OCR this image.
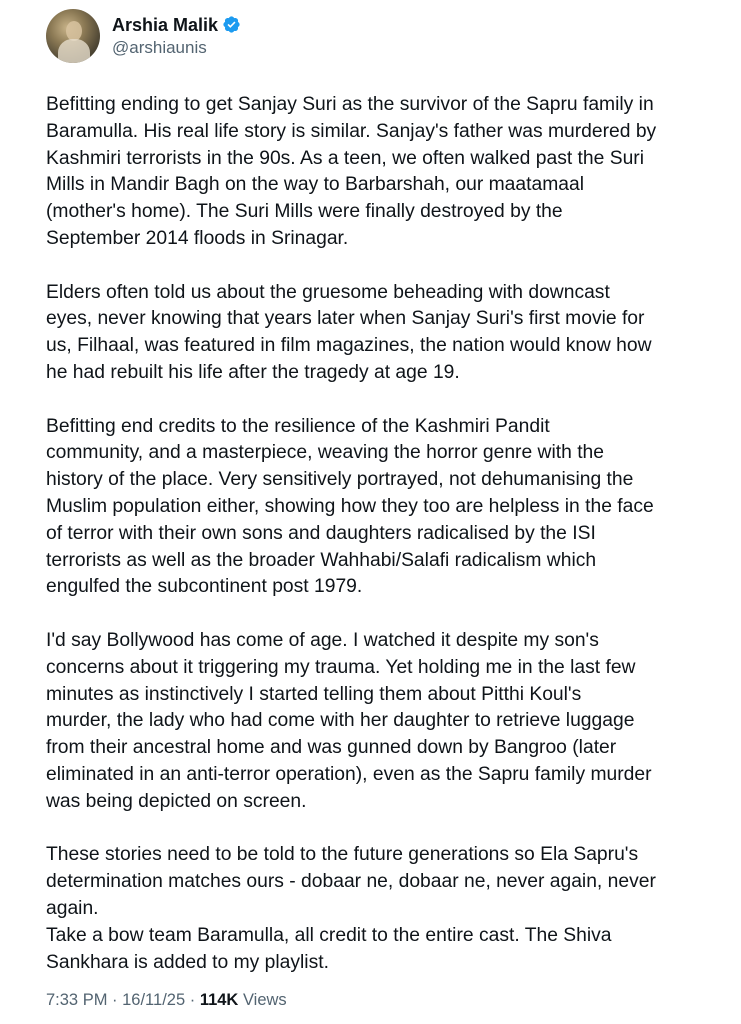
Arshia Malik
@arshiaunis

Befitting ending to get Sanjay Suri as the survivor of the Sapru family in
Baramulla. His real life story is similar. Sanjay's father was murdered by
Kashmiri terrorists in the 90s. As a teen, we often walked past the Suri
Mills in Mandir Bagh on the way to Barbarshah, our maatamaal
(mother's home). The Suri Mills were finally destroyed by the
September 2014 floods in Srinagar.

Elders often told us about the gruesome beheading with downcast
eyes, never knowing that years later when Sanjay Suri's first movie for
us, Filhaal, was featured in film magazines, the nation would know how
he had rebuilt his life after the tragedy at age 19.

Befitting end credits to the resilience of the Kashmiri Pandit
community, and a masterpiece, weaving the horror genre with the
history of the place. Very sensitively portrayed, not dehumanising the
Muslim population either, showing how they too are helpless in the face
of terror with their own sons and daughters radicalised by the ISI
terrorists as well as the broader Wahhabi/Salafi radicalism which
engulfed the subcontinent post 1979.

I'd say Bollywood has come of age. I watched it despite my son's
concerns about it triggering my trauma. Yet holding me in the last few
minutes as instinctively I started telling them about Pitthi Koul's
murder, the lady who had come with her daughter to retrieve luggage
from their ancestral home and was gunned down by Bangroo (later
eliminated in an anti-terror operation), even as the Sapru family murder
was being depicted on screen.

These stories need to be told to the future generations so Ela Sapru's
determination matches ours - dobaar ne, dobaar ne, never again, never
again.

Take a bow team Baramulla, all credit to the entire cast. The Shiva
Sankhara is added to my playlist.

7:33 PM · 16/11/25 · 114K Views
